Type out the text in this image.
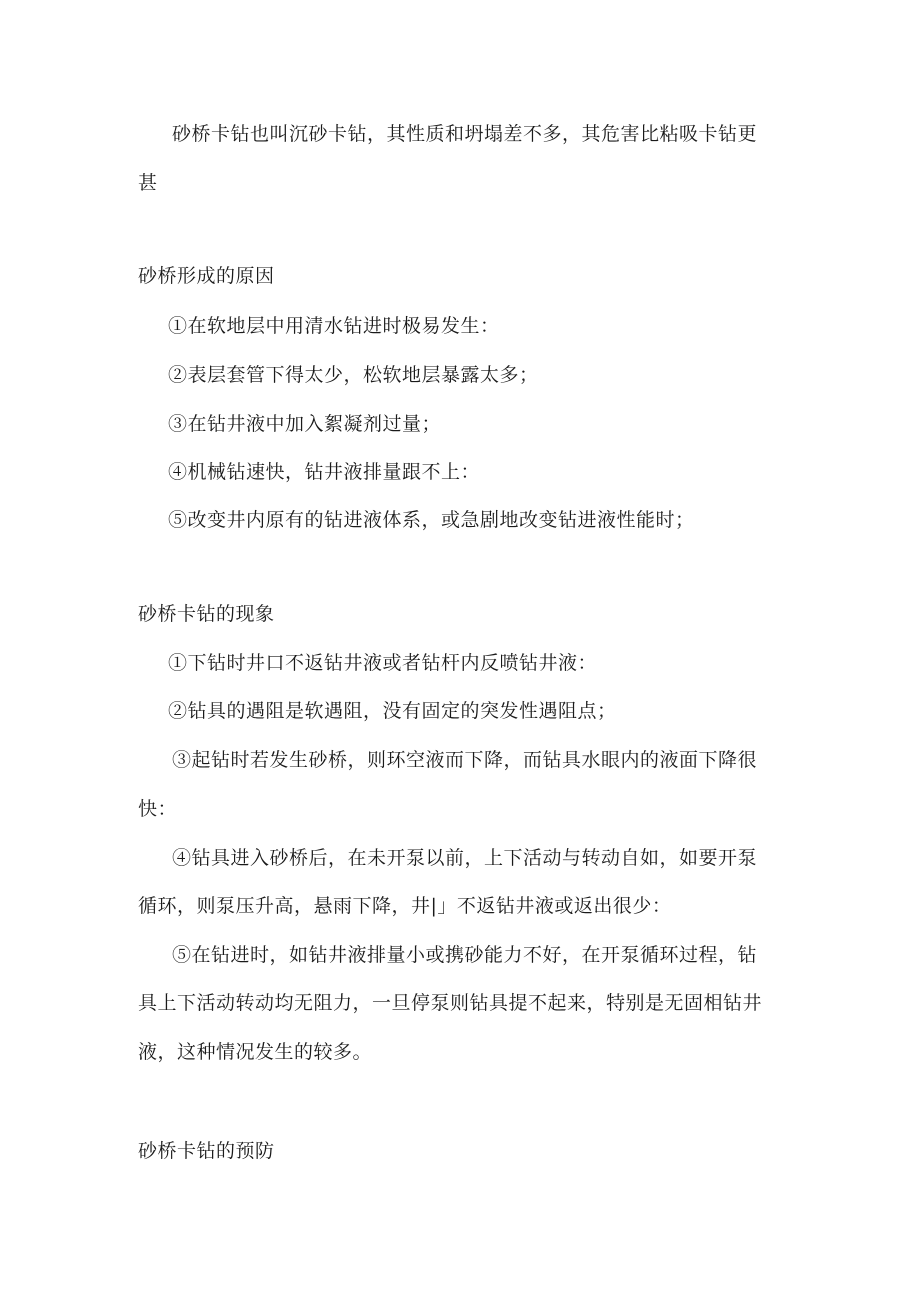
砂桥卡钻也叫沉砂卡钻，其性质和坍塌差不多，其危害比粘吸卡钻更
甚
砂桥形成的原因
①在软地层中用清水钻进时极易发生：
②表层套管下得太少，松软地层暴露太多；
③在钻井液中加入絮凝剂过量；
④机械钻速快，钻井液排量跟不上：
⑤改变井内原有的钻进液体系，或急剧地改变钻进液性能时；
砂桥卡钻的现象
①下钻时井口不返钻井液或者钻杆内反喷钻井液：
②钻具的遇阻是软遇阻，没有固定的突发性遇阻点；
③起钻时若发生砂桥，则环空液而下降，而钻具水眼内的液面下降很
快：
④钻具进入砂桥后，在未开泵以前，上下活动与转动自如，如要开泵
循环，则泵压升高，悬雨下降，井|」不返钻井液或返出很少：
⑤在钻进时，如钻井液排量小或携砂能力不好，在开泵循环过程，钻
具上下活动转动均无阻力，一旦停泵则钻具提不起来，特别是无固相钻井
液，这种情况发生的较多。
砂桥卡钻的预防
